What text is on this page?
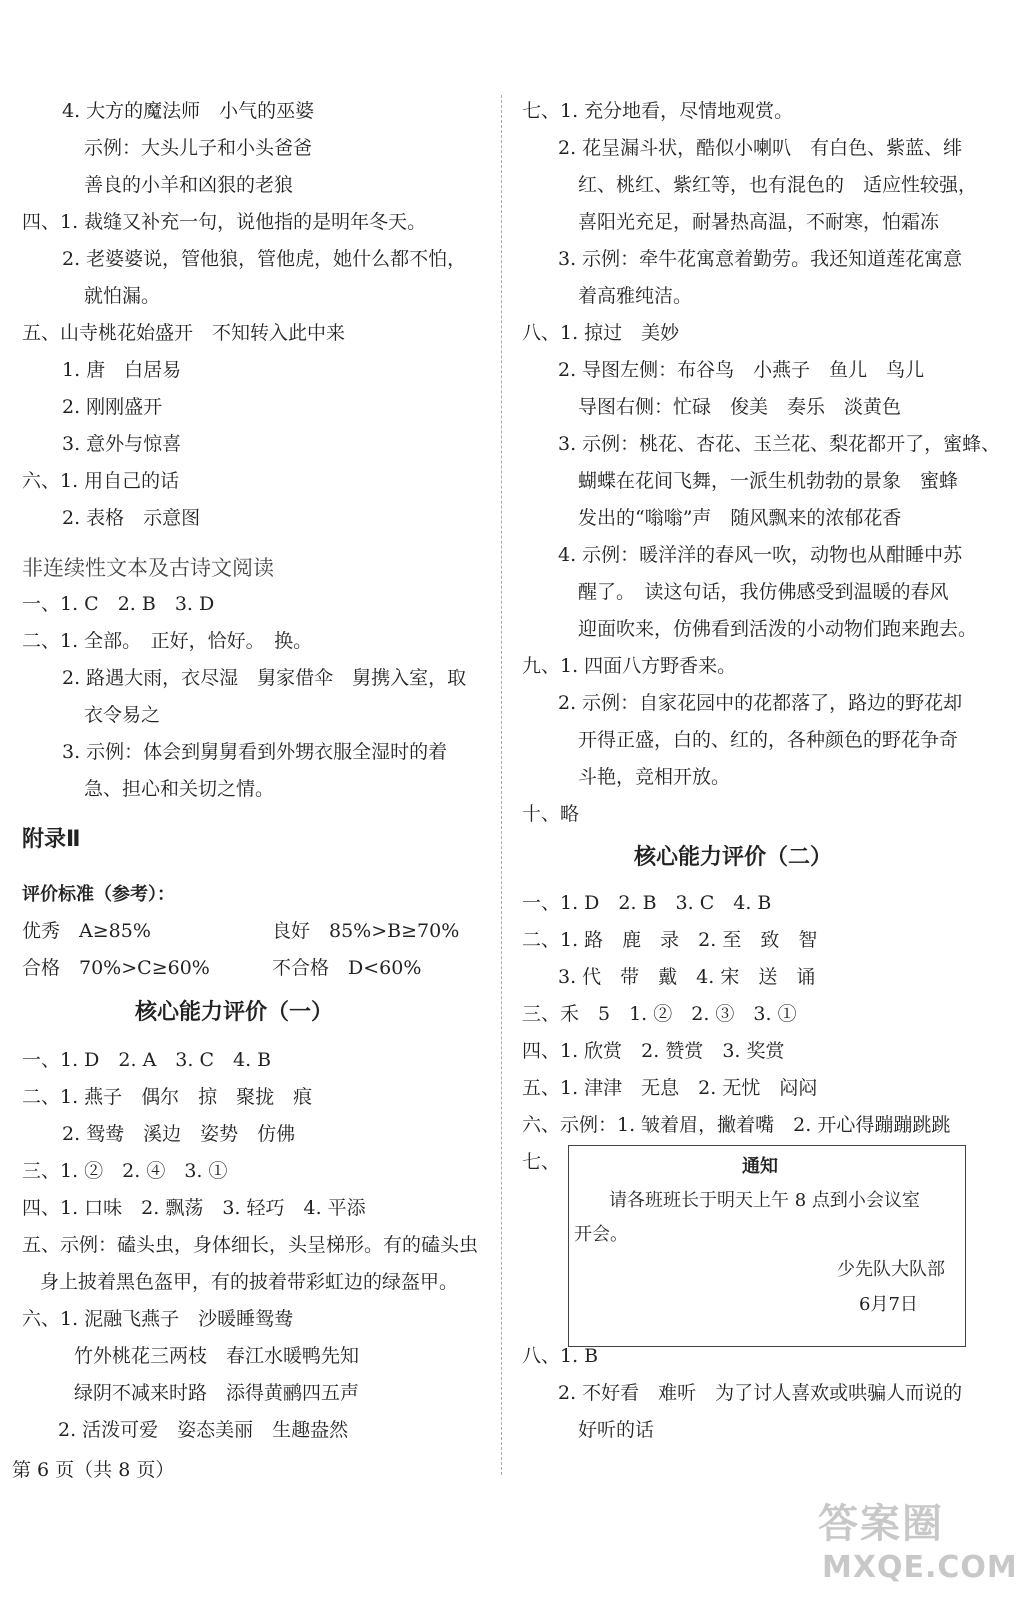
4. 大方的魔法师　小气的巫婆
示例：大头儿子和小头爸爸
善良的小羊和凶狠的老狼
四、1. 裁缝又补充一句，说他指的是明年冬天。
2. 老婆婆说，管他狼，管他虎，她什么都不怕，
就怕漏。
五、山寺桃花始盛开　不知转入此中来
1. 唐　白居易
2. 刚刚盛开
3. 意外与惊喜
六、1. 用自己的话
2. 表格　示意图
非连续性文本及古诗文阅读
一、1. C　2. B　3. D
二、1. 全部。　正好，恰好。　换。
2. 路遇大雨，衣尽湿　舅家借伞　舅携入室，取
衣令易之
3. 示例：体会到舅舅看到外甥衣服全湿时的着
急、担心和关切之情。
附录Ⅱ
评价标准（参考）：
优秀　A≥85%	良好　85%>B≥70%
合格　70%>C≥60%	不合格　D<60%
核心能力评价（一）
一、1. D　2. A　3. C　4. B
二、1. 燕子　偶尔　掠　聚拢　痕
2. 鸳鸯　溪边　姿势　仿佛
三、1. ②　2. ④　3. ①
四、1. 口味　2. 飘荡　3. 轻巧　4. 平添
五、示例：磕头虫，身体细长，头呈梯形。有的磕头虫
身上披着黑色盔甲，有的披着带彩虹边的绿盔甲。
六、1. 泥融飞燕子　沙暖睡鸳鸯
竹外桃花三两枝　春江水暖鸭先知
绿阴不减来时路　添得黄鹂四五声
2. 活泼可爱　姿态美丽　生趣盎然
七、1. 充分地看，尽情地观赏。
2. 花呈漏斗状，酷似小喇叭　有白色、紫蓝、绯
红、桃红、紫红等，也有混色的　适应性较强，
喜阳光充足，耐暑热高温，不耐寒，怕霜冻
3. 示例：牵牛花寓意着勤劳。我还知道莲花寓意
着高雅纯洁。
八、1. 掠过　美妙
2. 导图左侧：布谷鸟　小燕子　鱼儿　鸟儿
导图右侧：忙碌　俊美　奏乐　淡黄色
3. 示例：桃花、杏花、玉兰花、梨花都开了，蜜蜂、
蝴蝶在花间飞舞，一派生机勃勃的景象　蜜蜂
发出的“嗡嗡”声　随风飘来的浓郁花香
4. 示例：暖洋洋的春风一吹，动物也从酣睡中苏
醒了。　读这句话，我仿佛感受到温暖的春风
迎面吹来，仿佛看到活泼的小动物们跑来跑去。
九、1. 四面八方野香来。
2. 示例：自家花园中的花都落了，路边的野花却
开得正盛，白的、红的，各种颜色的野花争奇
斗艳，竞相开放。
十、略
核心能力评价（二）
一、1. D　2. B　3. C　4. B
二、1. 路　鹿　录　2. 至　致　智
3. 代　带　戴　4. 宋　送　诵
三、禾　5　1. ②　2. ③　3. ①
四、1. 欣赏　2. 赞赏　3. 奖赏
五、1. 津津　无息　2. 无忧　闷闷
六、示例：1. 皱着眉，撇着嘴　2. 开心得蹦蹦跳跳
七、
八、1. B
2. 不好看　难听　为了讨人喜欢或哄骗人而说的
好听的话
通知
请各班班长于明天上午 8 点到小会议室
开会。
少先队大队部
6月7日
第 6 页（共 8 页）
答案圈
MXQE.COM
